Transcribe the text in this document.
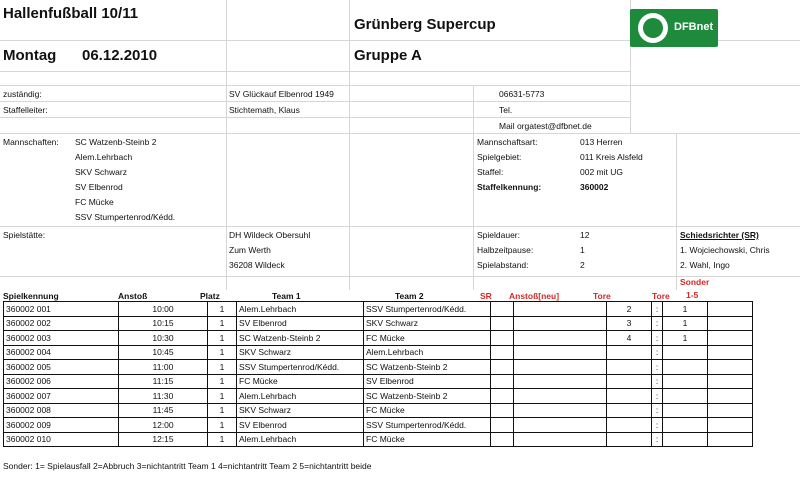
Hallenfußball 10/11
Grünberg Supercup
Montag 06.12.2010	Gruppe A
DFBnet
zuständig:	SV Glückauf Elbenrod 1949	06631-5773
Staffelleiter:	Stichtemath, Klaus	Tel.
Mail orgatest@dfbnet.de
Mannschaften: SC Watzenb-Steinb 2
Alem.Lehrbach
SKV Schwarz
SV Elbenrod
FC Mücke
SSV Stumpertenrod/Kédd.
Mannschaftsart:	013 Herren
Spielgebiet:	011 Kreis Alsfeld
Staffel:	002 mit UG
Staffelkennung:	360002
Spielstätte:	DH Wildeck Obersuhl
Zum Werth
36208 Wildeck
Spieldauer:	12
Halbzeitpause:	1
Spielabstand:	2
Schiedsrichter (SR)
1. Wojciechowski, Chris
2. Wahl, Ingo
Spielkennung	Anstoß	Platz	Team 1	Team 2	SR Anstoß[neu]	Tore	Tore
Sonder
1-5
360002 001	10:00	1	Alem.Lehrbach	SSV Stumpertenrod/Kédd.			2	:	1	
360002 002	10:15	1	SV Elbenrod	SKV Schwarz			3	:	1	
360002 003	10:30	1	SC Watzenb-Steinb 2	FC Mücke			4	:	1	
360002 004	10:45	1	SKV Schwarz	Alem.Lehrbach				:		
360002 005	11:00	1	SSV Stumpertenrod/Kédd.	SC Watzenb-Steinb 2				:		
360002 006	11:15	1	FC Mücke	SV Elbenrod				:		
360002 007	11:30	1	Alem.Lehrbach	SC Watzenb-Steinb 2				:		
360002 008	11:45	1	SKV Schwarz	FC Mücke				:		
360002 009	12:00	1	SV Elbenrod	SSV Stumpertenrod/Kédd.				:		
360002 010	12:15	1	Alem.Lehrbach	FC Mücke				:		
Sonder: 1= Spielausfall 2=Abbruch 3=nichtantritt Team 1 4=nichtantritt Team 2 5=nichtantritt beide
